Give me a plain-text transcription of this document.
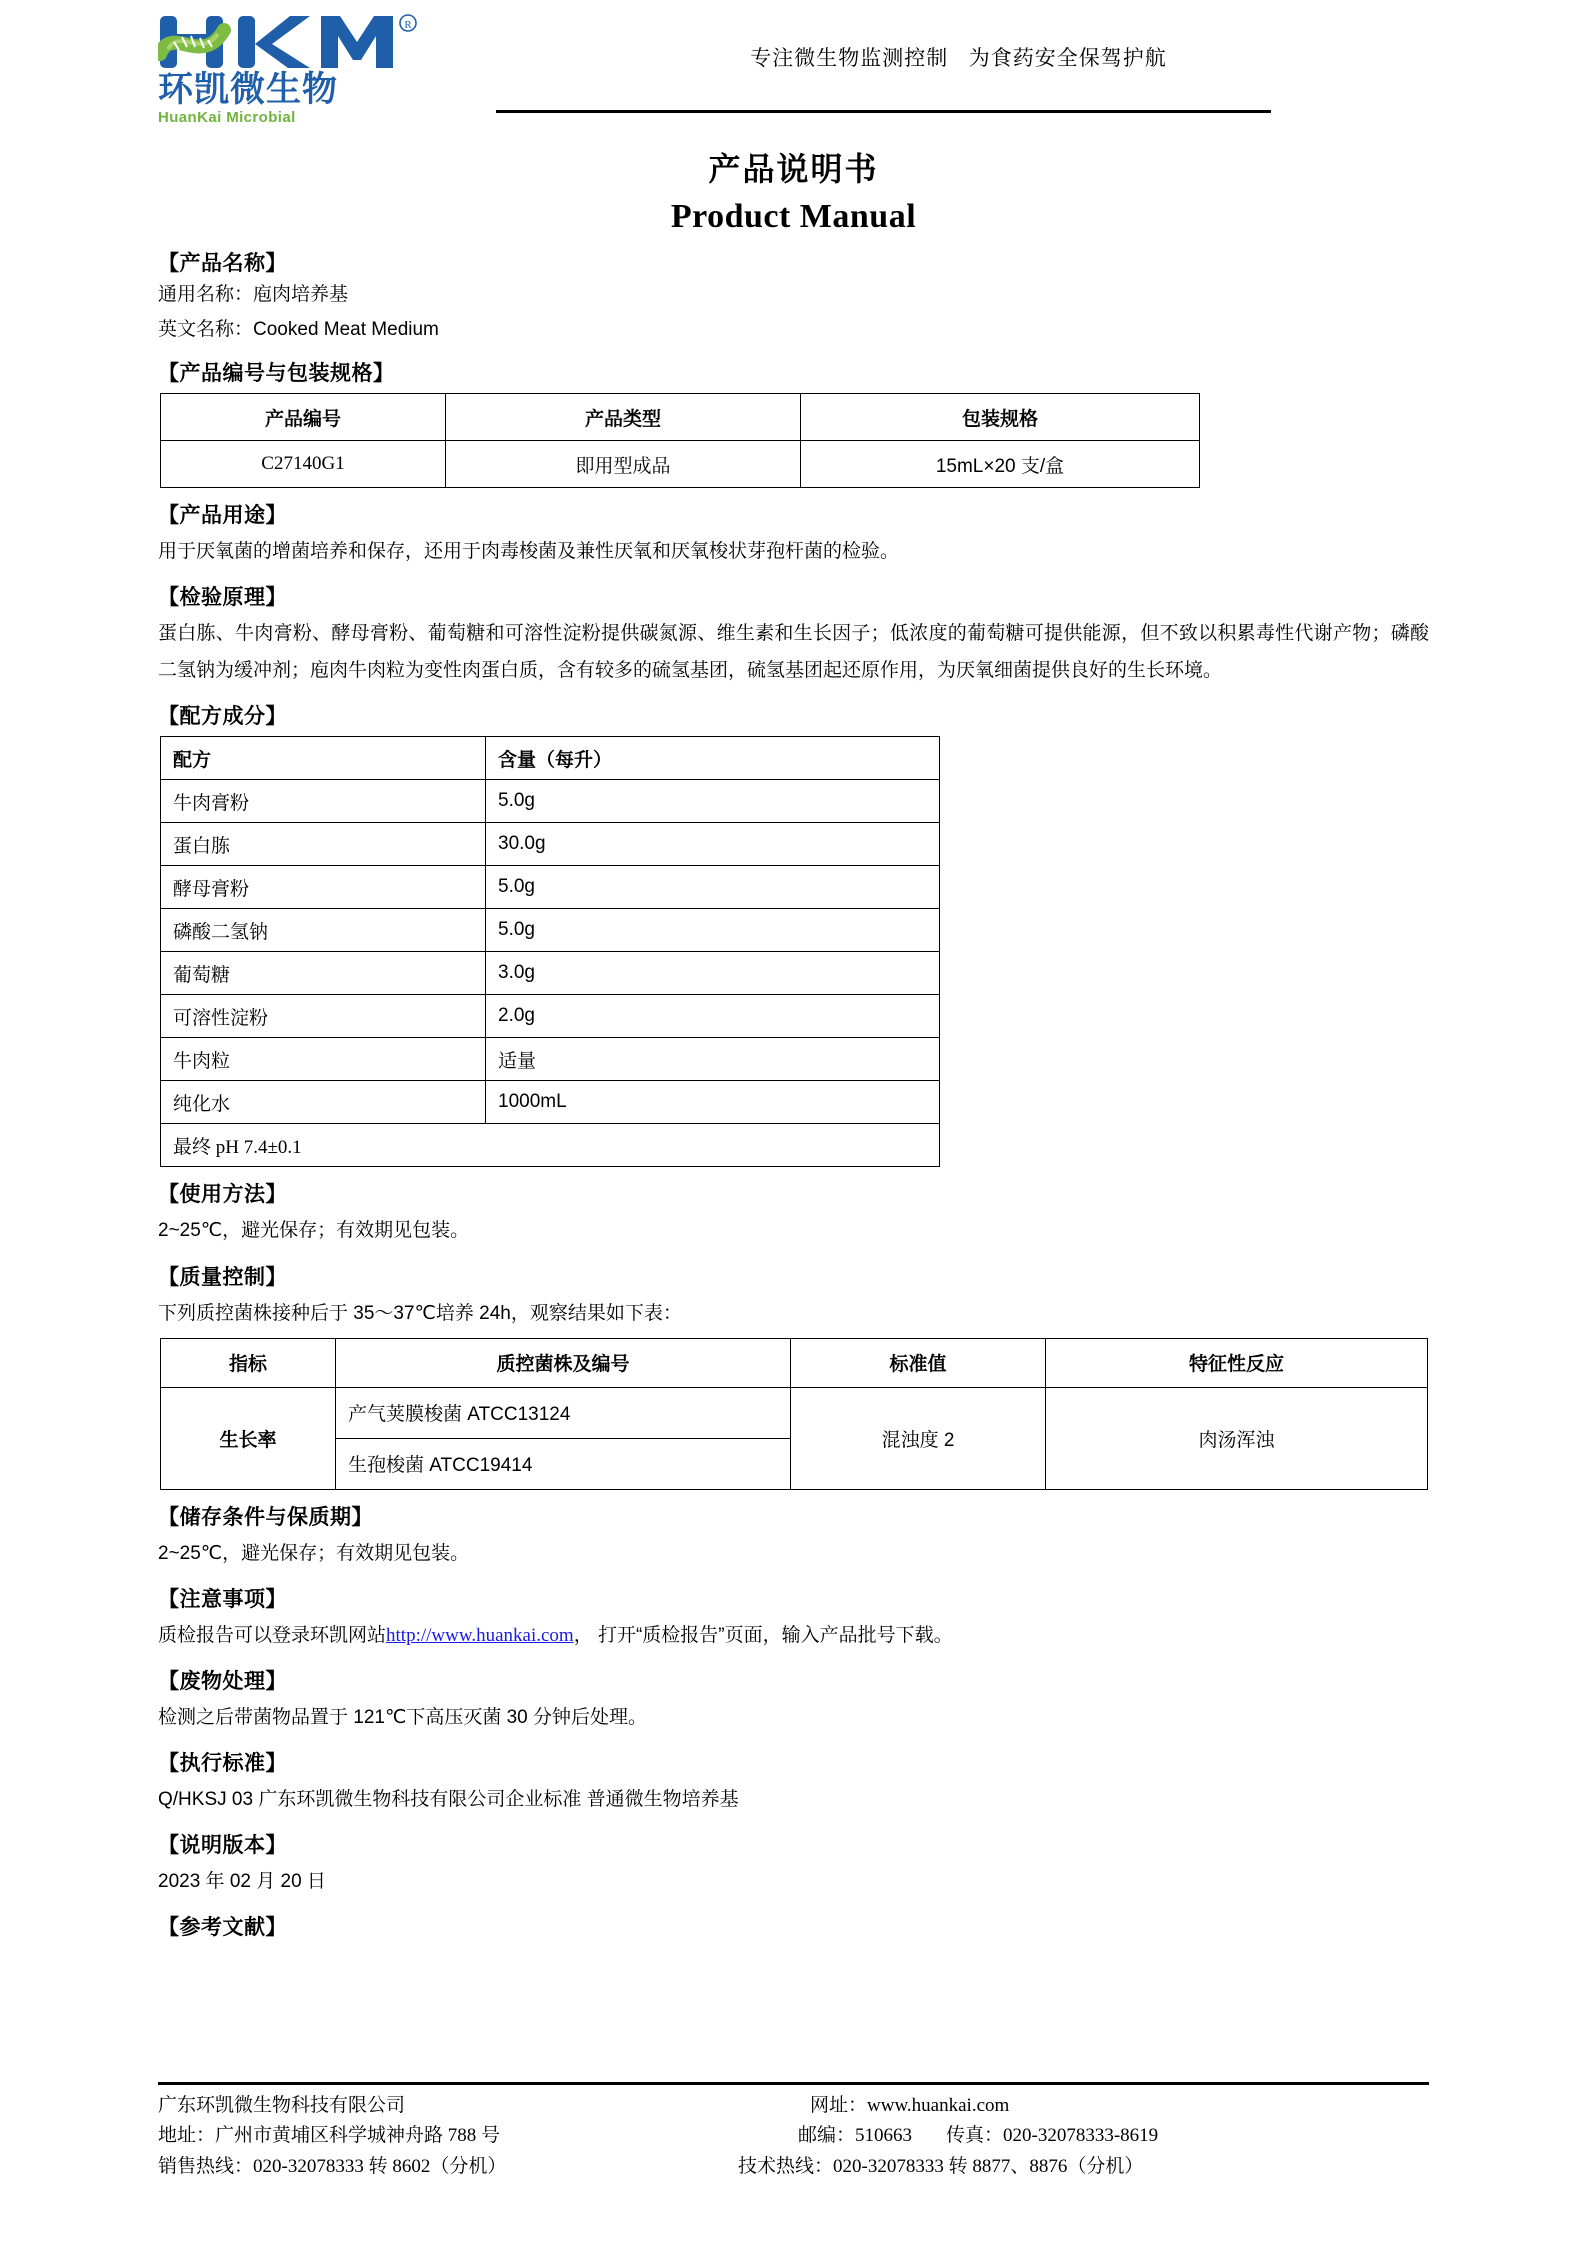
R
环凯微生物
HuanKai Microbial
专注微生物监测控制   为食药安全保驾护航
产品说明书
Product Manual
【产品名称】
通用名称：庖肉培养基
英文名称：Cooked Meat Medium
【产品编号与包装规格】
产品编号	产品类型	包装规格
C27140G1	即用型成品	15mL×20 支/盒
【产品用途】
用于厌氧菌的增菌培养和保存，还用于肉毒梭菌及兼性厌氧和厌氧梭状芽孢杆菌的检验。
【检验原理】
蛋白胨、牛肉膏粉、酵母膏粉、葡萄糖和可溶性淀粉提供碳氮源、维生素和生长因子；低浓度的葡萄糖可提供能源，但不致以积累毒性代谢产物；磷酸二氢钠为缓冲剂；庖肉牛肉粒为变性肉蛋白质，含有较多的硫氢基团，硫氢基团起还原作用，为厌氧细菌提供良好的生长环境。
【配方成分】
配方	含量（每升）
牛肉膏粉	5.0g
蛋白胨	30.0g
酵母膏粉	5.0g
磷酸二氢钠	5.0g
葡萄糖	3.0g
可溶性淀粉	2.0g
牛肉粒	适量
纯化水	1000mL
最终 pH 7.4±0.1	
【使用方法】
2~25℃，避光保存；有效期见包装。
【质量控制】
下列质控菌株接种后于 35～37℃培养 24h，观察结果如下表：
指标	质控菌株及编号	标准值	特征性反应
生长率	产气荚膜梭菌 ATCC13124	混浊度 2	肉汤浑浊
	生孢梭菌 ATCC19414		
【储存条件与保质期】
2~25℃，避光保存；有效期见包装。
【注意事项】
质检报告可以登录环凯网站http://www.huankai.com， 打开“质检报告”页面，输入产品批号下载。
【废物处理】
检测之后带菌物品置于 121℃下高压灭菌 30 分钟后处理。
【执行标准】
Q/HKSJ 03 广东环凯微生物科技有限公司企业标准 普通微生物培养基
【说明版本】
2023 年 02 月 20 日
【参考文献】
广东环凯微生物科技有限公司	网址：www.huankai.com
地址：广州市黄埔区科学城神舟路 788 号	邮编：510663 传真：020-32078333-8619
销售热线：020-32078333 转 8602（分机）	技术热线：020-32078333 转 8877、8876（分机）
